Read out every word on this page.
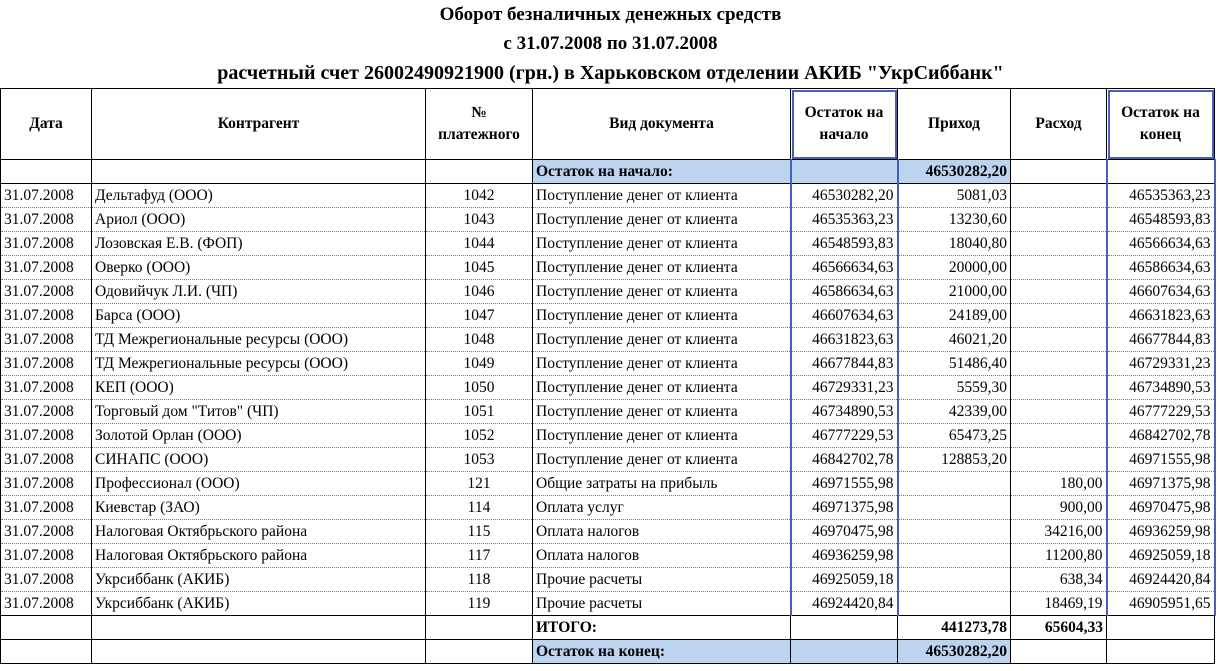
Оборот безналичных денежных средств
с 31.07.2008 по 31.07.2008
расчетный счет 26002490921900 (грн.) в Харьковском отделении АКИБ "УкрСиббанк"
Дата	Контрагент	№ платежного	Вид документа	Остаток на начало	Приход	Расход	Остаток на конец
			Остаток на начало:		46530282,20		
31.07.2008	Дельтафуд (ООО)	1042	Поступление денег от клиента	46530282,20	5081,03		46535363,23
31.07.2008	Ариол (ООО)	1043	Поступление денег от клиента	46535363,23	13230,60		46548593,83
31.07.2008	Лозовская Е.В. (ФОП)	1044	Поступление денег от клиента	46548593,83	18040,80		46566634,63
31.07.2008	Оверко (ООО)	1045	Поступление денег от клиента	46566634,63	20000,00		46586634,63
31.07.2008	Одовийчук Л.И. (ЧП)	1046	Поступление денег от клиента	46586634,63	21000,00		46607634,63
31.07.2008	Барса (ООО)	1047	Поступление денег от клиента	46607634,63	24189,00		46631823,63
31.07.2008	ТД Межрегиональные ресурсы (ООО)	1048	Поступление денег от клиента	46631823,63	46021,20		46677844,83
31.07.2008	ТД Межрегиональные ресурсы (ООО)	1049	Поступление денег от клиента	46677844,83	51486,40		46729331,23
31.07.2008	КЕП (ООО)	1050	Поступление денег от клиента	46729331,23	5559,30		46734890,53
31.07.2008	Торговый дом "Титов" (ЧП)	1051	Поступление денег от клиента	46734890,53	42339,00		46777229,53
31.07.2008	Золотой Орлан (ООО)	1052	Поступление денег от клиента	46777229,53	65473,25		46842702,78
31.07.2008	СИНАПС (ООО)	1053	Поступление денег от клиента	46842702,78	128853,20		46971555,98
31.07.2008	Профессионал (ООО)	121	Общие затраты на прибыль	46971555,98		180,00	46971375,98
31.07.2008	Киевстар (ЗАО)	114	Оплата услуг	46971375,98		900,00	46970475,98
31.07.2008	Налоговая Октябрьского района	115	Оплата налогов	46970475,98		34216,00	46936259,98
31.07.2008	Налоговая Октябрьского района	117	Оплата налогов	46936259,98		11200,80	46925059,18
31.07.2008	Укрсиббанк (АКИБ)	118	Прочие расчеты	46925059,18		638,34	46924420,84
31.07.2008	Укрсиббанк (АКИБ)	119	Прочие расчеты	46924420,84		18469,19	46905951,65
			ИТОГО:		441273,78	65604,33	
			Остаток на конец:		46530282,20		
